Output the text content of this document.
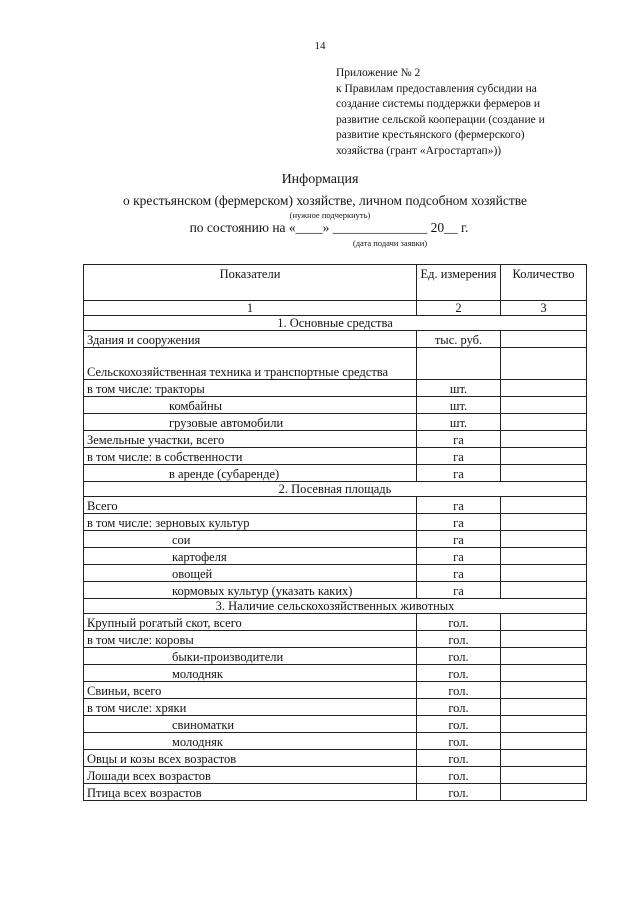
14
Приложение № 2
к Правилам предоставления субсидии на
создание системы поддержки фермеров и
развитие сельской кооперации (создание и
развитие крестьянского (фермерского)
хозяйства (грант «Агростартап»))
Информация
о крестьянском (фермерском) хозяйстве, личном подсобном хозяйстве
(нужное подчеркнуть)
по состоянию на «____» ______________ 20__ г.
(дата подачи заявки)
Показатели	Ед. измерения	Количество
1	2	3
1. Основные средства		
Здания и сооружения	тыс. руб.	
Сельскохозяйственная техника и транспортные средства		
в том числе: тракторы	шт.	
комбайны	шт.	
грузовые автомобили	шт.	
Земельные участки, всего	га	
в том числе: в собственности	га	
в аренде (субаренде)	га	
2. Посевная площадь		
Всего	га	
в том числе: зерновых культур	га	
сои	га	
картофеля	га	
овощей	га	
кормовых культур (указать каких)	га	
3. Наличие сельскохозяйственных животных		
Крупный рогатый скот, всего	гол.	
в том числе: коровы	гол.	
быки-производители	гол.	
молодняк	гол.	
Свиньи, всего	гол.	
в том числе: хряки	гол.	
свиноматки	гол.	
молодняк	гол.	
Овцы и козы всех возрастов	гол.	
Лошади всех возрастов	гол.	
Птица всех возрастов	гол.	
